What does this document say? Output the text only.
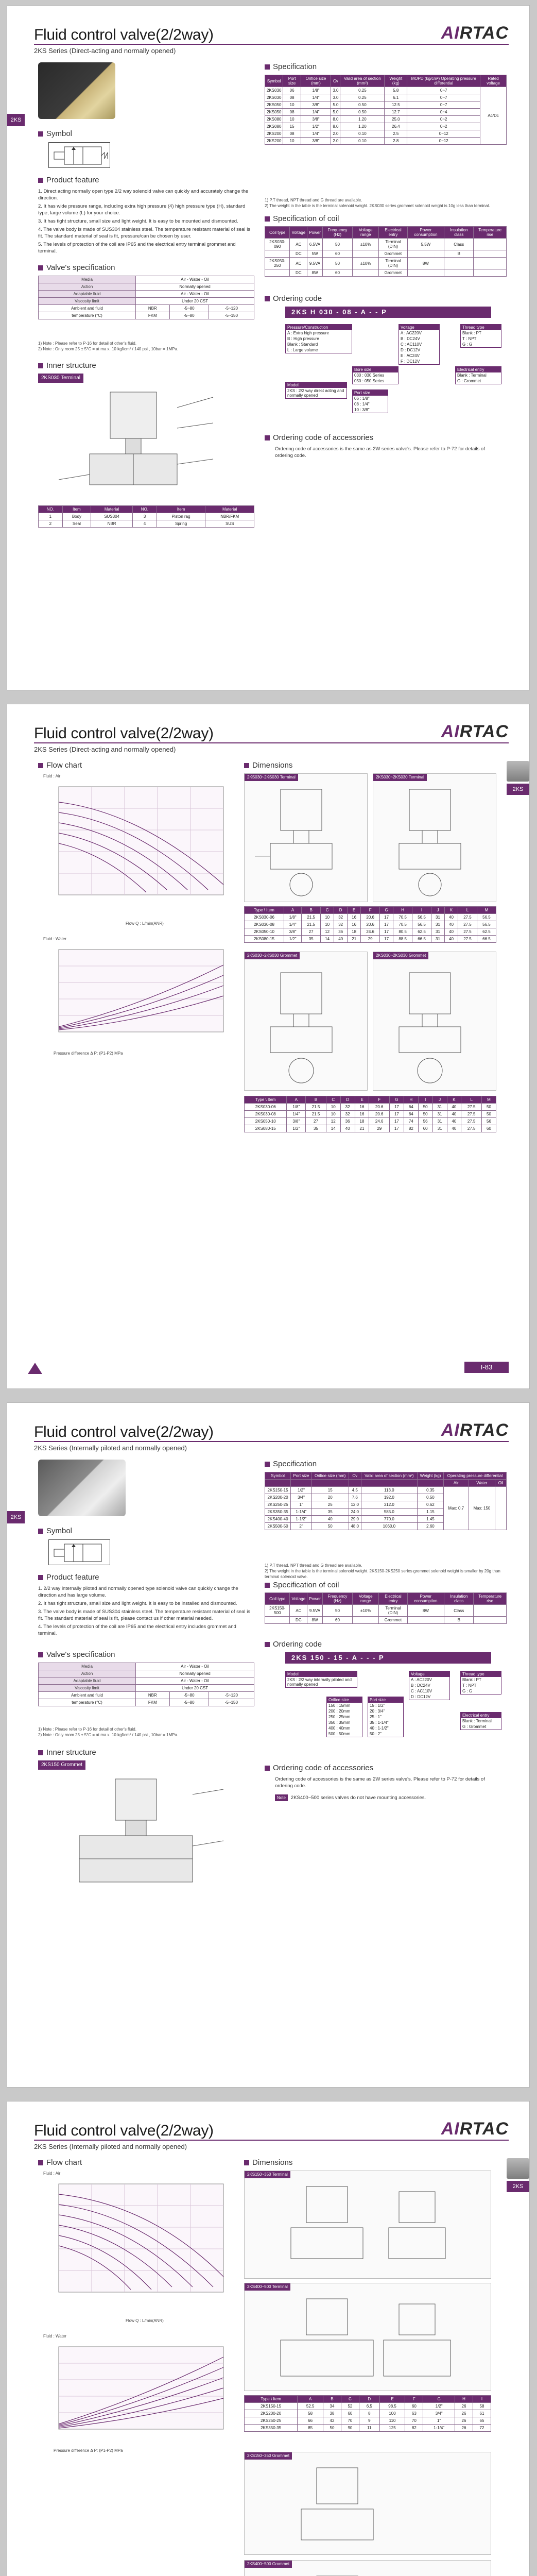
Fluid control valve(2/2way)
2KS Series (Direct-acting and normally opened)
AIRTAC
2KS
Symbol
Product feature

1. Direct acting normally open type 2/2 way solenoid valve can quickly and accurately change the direction.

2. It has wide pressure range, including extra high pressure (4) high pressure type (H), standard type, large volume (L) for your choice.

3. It has tight structure, small size and light weight. It is easy to be mounted and dismounted.

4. The valve body is made of SUS304 stainless steel. The temperature resistant material of seal is fit. The standard material of seal is fit, pressure/can be chosen by user.

5. The levels of protection of the coil are IP65 and the electrical entry terminal grommet and terminal.

Valve's specification
Media	Air - Water - Oil		
Action	Normally opened		
Adaptable fluid	Air - Water - Oil		
Viscosity limit	Under 20 CST		
Ambient and fluid	NBR	-5~80	-5~120
temperature (°C)	FKM	-5~80	-5~150
1) Note : Please refer to P-16 for detail of other's fluid.
2) Note : Only room 25 ± 5°C = at ma x. 10 kgf/cm² / 140 psi , 10bar = 1MPa.
Inner structure
2KS030 Terminal
NO.	Item	Material	NO.	Item	Material
1	Body	SUS304	3	Piston rag	NBR/FKM
2	Seal	NBR	4	Spring	SUS
Specification
Symbol	Port size	Orifice size (mm)	Cv	Valid area of section (mm²)	Weight (kg)	MOPD (kg/cm²) Operating pressure differential	Rated voltage
2KS030	06	1/8"	3.0	0.25	5.8	0~7	Ac/Dc
2KS030	08	1/4"	3.0	0.25	6.1	0~7	
2KS050	10	3/8"	5.0	0.50	12.5	0~7	
2KS050	08	1/4"	5.0	0.50	12.7	0~4	
2KS080	10	3/8"	8.0	1.20	25.0	0~2	
2KS080	15	1/2"	8.0	1.20	26.4	0~2	
2KS200	08	1/4"	2.0	0.10	2.5	0~12	
2KS200	10	3/8"	2.0	0.10	2.8	0~12	
1) P.T thread, NPT thread and G thread are available.
2) The weight in the table is the terminal solenoid weight. 2KS030 series grommet solenoid weight is 10g less than terminal.
Specification of coil
Coil type	Voltage	Power	Frequency (Hz)	Voltage range	Electrical entry	Power consumption	Insulation class	Temperature rise
2KS030-090	AC	6.5VA	50	±10%	Terminal (DIN)	5.5W	Class	
	DC	5W	60		Grommet		B	
2KS050-250	AC	9.5VA	50	±10%	Terminal (DIN)	8W		
	DC	8W	60		Grommet			
Ordering code
2KS H 030 - 08 - A - - P
Pressure/Construction
A : Extra high pressure
B : High pressure
Blank : Standard
L : Large volume
Voltage
A : AC220V
B : DC24V
C : AC110V
D : DC12V
E : AC24V
F : DC12V
Thread type
Blank : PT
T : NPT
G : G
Model
2KS : 2/2 way direct acting and normally opened
Bore size
030 : 030 Series
050 : 050 Series
Port size
06 : 1/8"
08 : 1/4"
10 : 3/8"
Electrical entry
Blank : Terminal
G : Grommet
Ordering code of accessories
Ordering code of accessories is the same as 2W series valve's. Please refer to P-72 for details of ordering code.
Fluid control valve(2/2way)
2KS Series (Direct-acting and normally opened)
AIRTAC
2KS
Flow chart
Fluid : Air
Flow Q : L/min(ANR)
Fluid : Water
Pressure difference Δ P: (P1-P2) MPa
Dimensions
2KS030~2KS030 Terminal	2KS030~2KS030 Terminal
Type \ Item	A	B	C	D	E	F	G	H	I	J	K	L	M
2KS030-06	1/8"	21.5	10	32	16	20.6	17	70.5	56.5	31	40	27.5	56.5
2KS030-08	1/4"	21.5	10	32	16	20.6	17	70.5	56.5	31	40	27.5	56.5
2KS050-10	3/8"	27	12	36	18	24.6	17	80.5	62.5	31	40	27.5	62.5
2KS080-15	1/2"	35	14	40	21	29	17	88.5	66.5	31	40	27.5	66.5
2KS030~2KS030 Grommet	2KS030~2KS030 Grommet
Type \ Item	A	B	C	D	E	F	G	H	I	J	K	L	M
2KS030-06	1/8"	21.5	10	32	16	20.6	17	64	50	31	40	27.5	50
2KS030-08	1/4"	21.5	10	32	16	20.6	17	64	50	31	40	27.5	50
2KS050-10	3/8"	27	12	36	18	24.6	17	74	56	31	40	27.5	56
2KS080-15	1/2"	35	14	40	21	29	17	82	60	31	40	27.5	60
I-83
Fluid control valve(2/2way)
2KS Series (Internally piloted and normally opened)
AIRTAC
2KS
Symbol
Product feature

1. 2/2 way internally piloted and normally opened type solenoid valve can quickly change the direction and has large volume.

2. It has tight structure, small size and light weight. It is easy to be installed and dismounted.

3. The valve body is made of SUS304 stainless steel. The temperature resistant material of seal is fit. The standard material of seal is fit, please contact us if other material needed.

4. The levels of protection of the coil are IP65 and the electrical entry includes grommet and terminal.

Valve's specification
Media	Air - Water - Oil		
Action	Normally opened		
Adaptable fluid	Air - Water - Oil		
Viscosity limit	Under 20 CST		
Ambient and fluid	NBR	-5~80	-5~120
temperature (°C)	FKM	-5~80	-5~150
1) Note : Please refer to P-16 for detail of other's fluid.
2) Note : Only room 25 ± 5°C = at ma x. 10 kgf/cm² / 140 psi , 10bar = 1MPa.
Inner structure
2KS150 Grommet
Specification
Symbol	Port size	Orifice size (mm)	Cv	Valid area of section (mm²)	Weight (kg)	Operating pressure differential		
						Air	Water	Oil
2KS150-15	1/2"	15	4.5	113.0	0.35	Max: 0.7	Max: 150	
2KS200-20	3/4"	20	7.6	192.0	0.50			
2KS250-25	1"	25	12.0	312.0	0.62			
2KS350-35	1-1/4"	35	24.0	585.0	1.15			
2KS400-40	1-1/2"	40	29.0	770.0	1.45			
2KS500-50	2"	50	48.0	1060.0	2.60			
1) P.T thread, NPT thread and G thread are available.
2) The weight in the table is the terminal solenoid weight. 2KS150-2KS250 series grommet solenoid weight is smaller by 20g than terminal solenoid valve.
Specification of coil
Coil type	Voltage	Power	Frequency (Hz)	Voltage range	Electrical entry	Power consumption	Insulation class	Temperature rise
2KS150-500	AC	9.5VA	50	±10%	Terminal (DIN)	8W	Class	
	DC	8W	60		Grommet		B	
Ordering code
2KS 150 - 15 - A - - - P
Model
2KS : 2/2 way internally piloted and normally opened
Voltage
A : AC220V
B : DC24V
C : AC110V
D : DC12V
Thread type
Blank : PT
T : NPT
G : G
Orifice size
150 : 15mm
200 : 20mm
250 : 25mm
350 : 35mm
400 : 40mm
500 : 50mm
Port size
15 : 1/2"
20 : 3/4"
25 : 1"
35 : 1-1/4"
40 : 1-1/2"
50 : 2"
Electrical entry
Blank : Terminal
G : Grommet
Ordering code of accessories
Ordering code of accessories is the same as 2W series valve's. Please refer to P-72 for details of ordering code.
Note 2KS400~500 series valves do not have mounting accessories.
Fluid control valve(2/2way)
2KS Series (Internally piloted and normally opened)
AIRTAC
2KS
Flow chart
Fluid : Air
Flow Q : L/min(ANR)
Fluid : Water
Pressure difference Δ P: (P1-P2) MPa
Dimensions
2KS150~350 Terminal
2KS400~500 Terminal
Type \ Item	A	B	C	D	E	F	G	H	I
2KS150-15	52.5	34	52	6.5	98.5	60	1/2"	26	58
2KS200-20	58	38	60	8	100	63	3/4"	26	61
2KS250-25	66	42	70	9	110	70	1"	26	65
2KS350-35	85	50	90	11	125	82	1-1/4"	26	72
2KS150~350 Grommet
2KS400~500 Grommet
